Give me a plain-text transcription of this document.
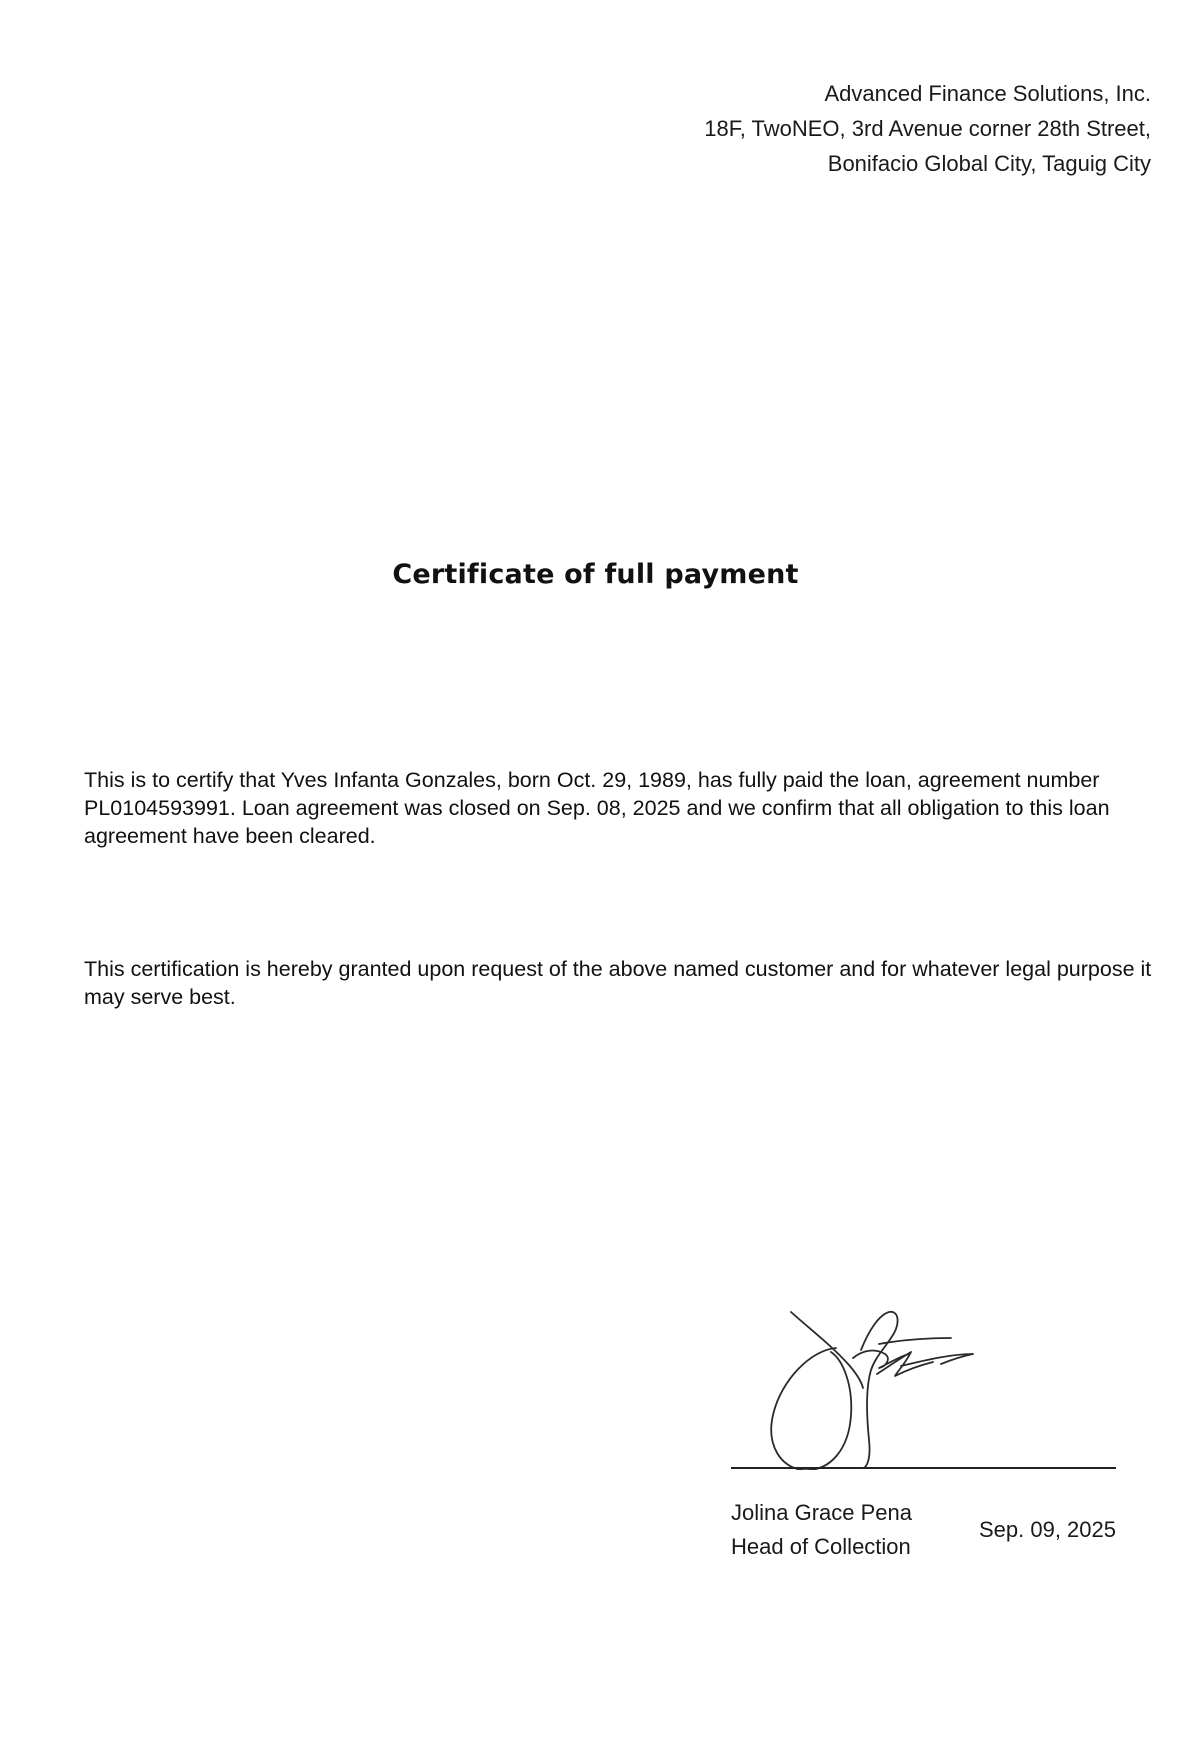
Advanced Finance Solutions, Inc.
18F, TwoNEO, 3rd Avenue corner 28th Street,
Bonifacio Global City, Taguig City
Certificate of full payment
This is to certify that Yves Infanta Gonzales, born Oct. 29, 1989, has fully paid the loan, agreement number PL0104593991. Loan agreement was closed on Sep. 08, 2025 and we confirm that all obligation to this loan agreement have been cleared.
This certification is hereby granted upon request of the above named customer and for whatever legal purpose it may serve best.
Jolina Grace Pena
Head of Collection
Sep. 09, 2025
